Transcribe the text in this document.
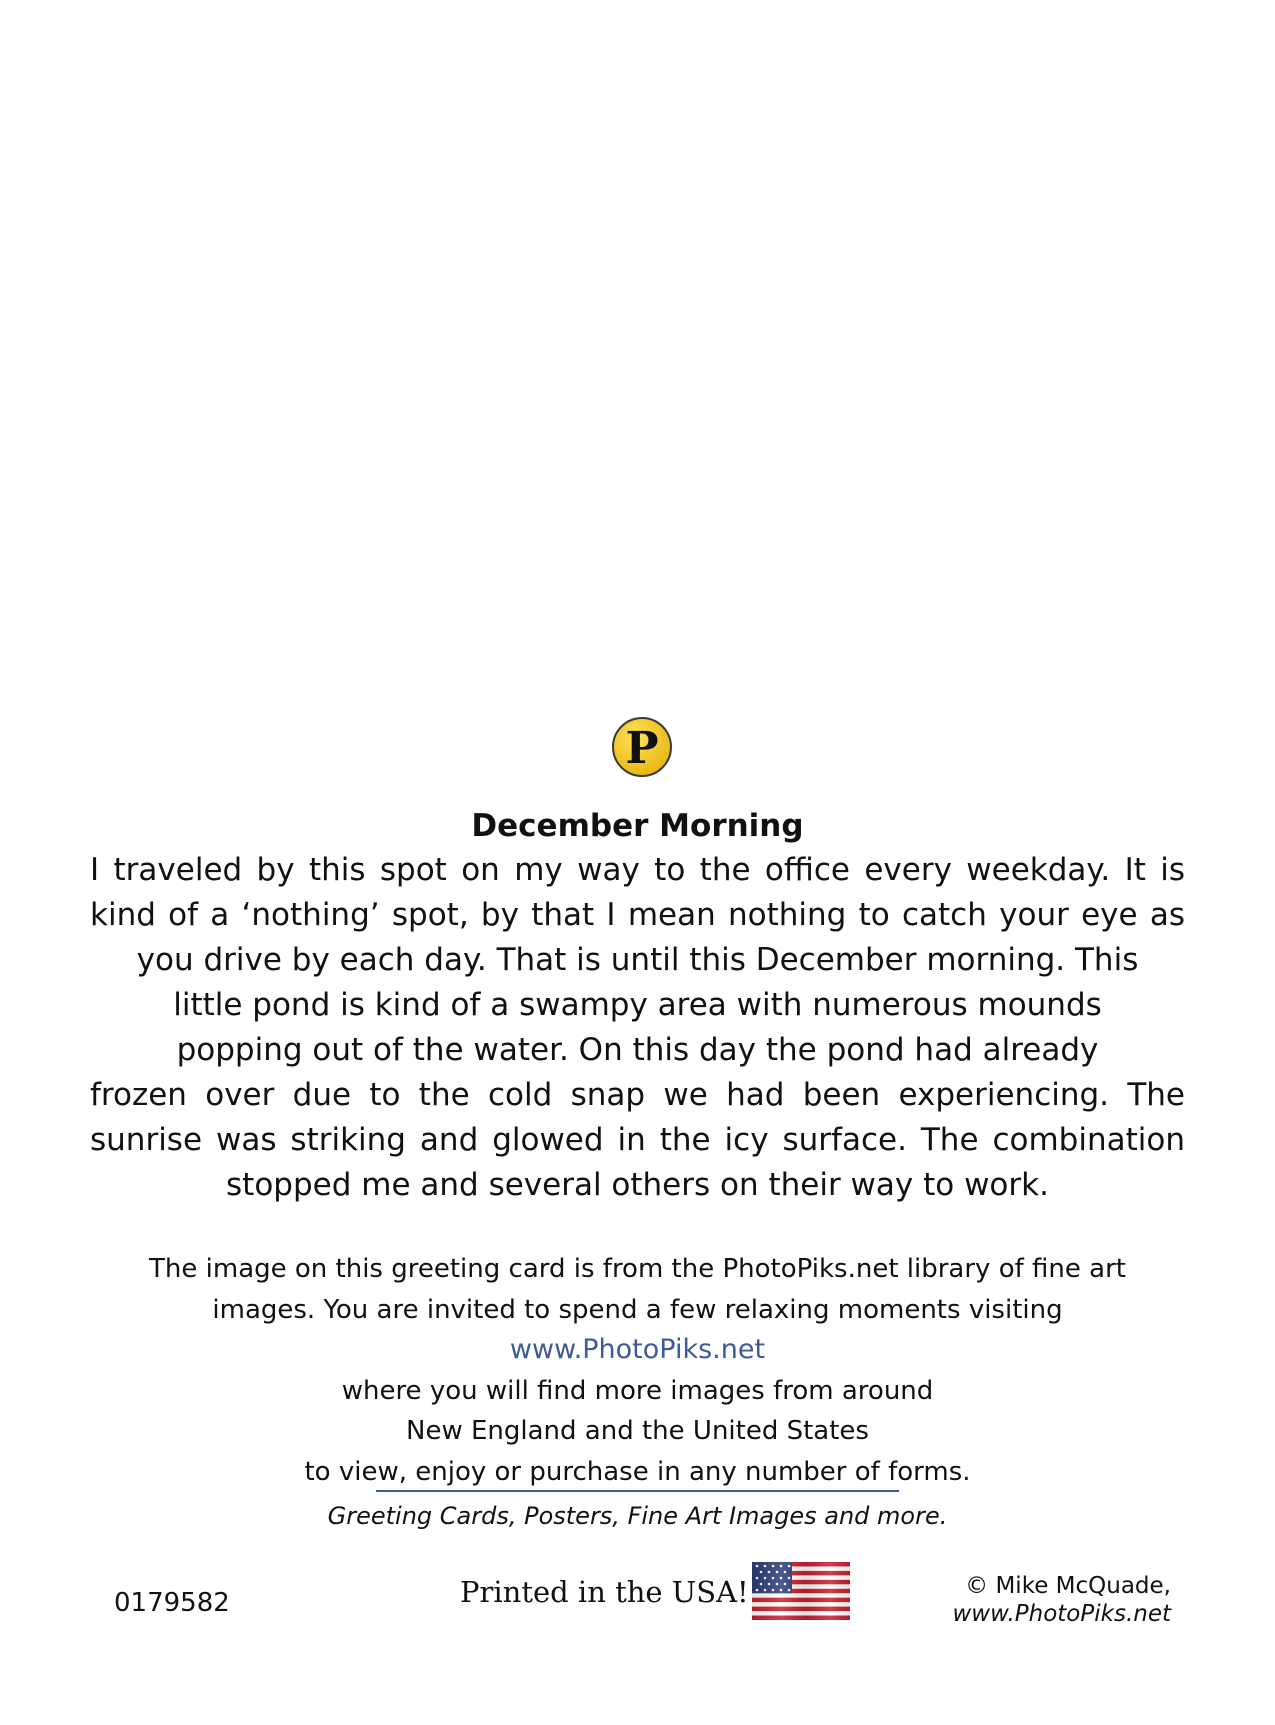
P
December Morning
I traveled by this spot on my way to the office every weekday. It is
kind of a ‘nothing’ spot, by that I mean nothing to catch your eye as
you drive by each day. That is until this December morning. This
little pond is kind of a swampy area with numerous mounds
popping out of the water. On this day the pond had already
frozen over due to the cold snap we had been experiencing. The
sunrise was striking and glowed in the icy surface. The combination
stopped me and several others on their way to work.
The image on this greeting card is from the PhotoPiks.net library of fine art
images. You are invited to spend a few relaxing moments visiting
www.PhotoPiks.net
where you will find more images from around
New England and the United States
to view, enjoy or purchase in any number of forms.
Greeting Cards, Posters, Fine Art Images and more.
0179582	Printed in the USA!	© Mike McQuade,
www.PhotoPiks.net
